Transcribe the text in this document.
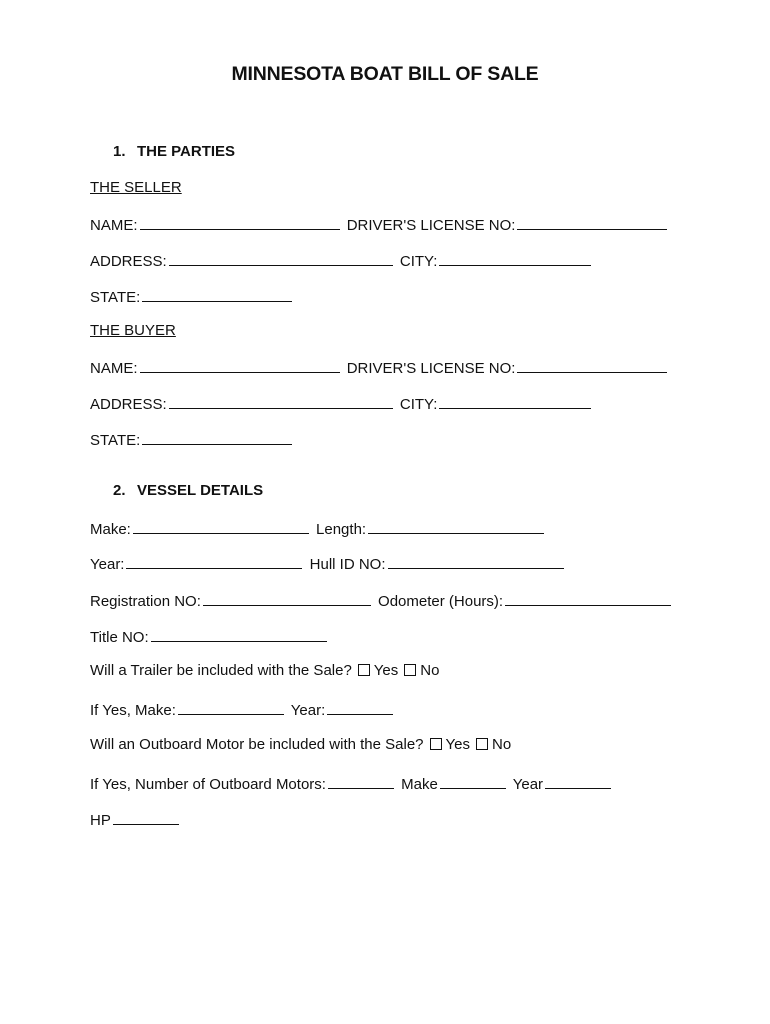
MINNESOTA BOAT BILL OF SALE
1. THE PARTIES
THE SELLER
NAME:	DRIVER'S LICENSE NO:
ADDRESS:	CITY:
STATE:
THE BUYER
NAME:	DRIVER'S LICENSE NO:
ADDRESS:	CITY:
STATE:
2. VESSEL DETAILS
Make:	Length:
Year:	Hull ID NO:
Registration NO:	Odometer (Hours):
Title NO:
Will a Trailer be included with the Sale? Yes No
If Yes, Make:	Year:
Will an Outboard Motor be included with the Sale? Yes No
If Yes, Number of Outboard Motors:	Make	Year
HP
